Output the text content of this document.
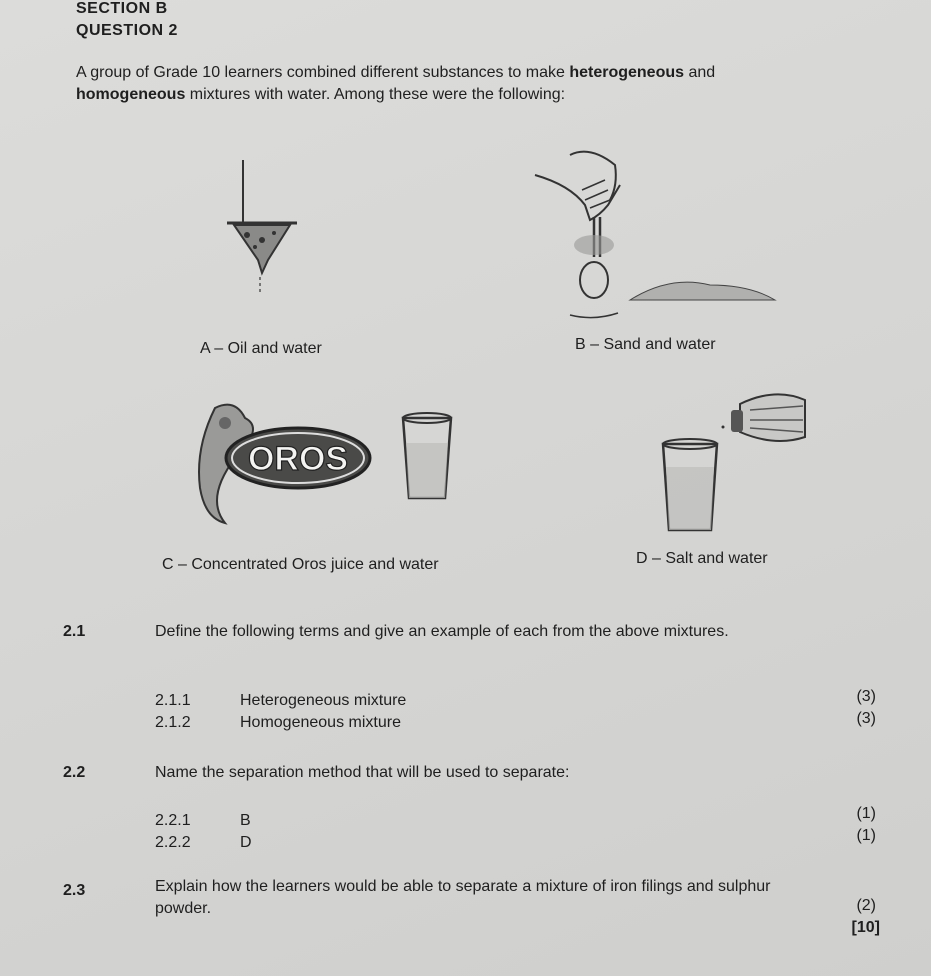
SECTION B
QUESTION 2
A group of Grade 10 learners combined different substances to make heterogeneous and homogeneous mixtures with water. Among these were the following:
A – Oil and water	B – Sand and water
OROS
C – Concentrated Oros juice and water	D – Salt and water
2.1	Define the following terms and give an example of each from the above mixtures.
2.1.1	Heterogeneous mixture	(3)
2.1.2	Homogeneous mixture	(3)
2.2	Name the separation method that will be used to separate:
2.2.1	B	(1)
2.2.2	D	(1)
2.3	Explain how the learners would be able to separate a mixture of iron filings and sulphur powder.	(2)
[10]
